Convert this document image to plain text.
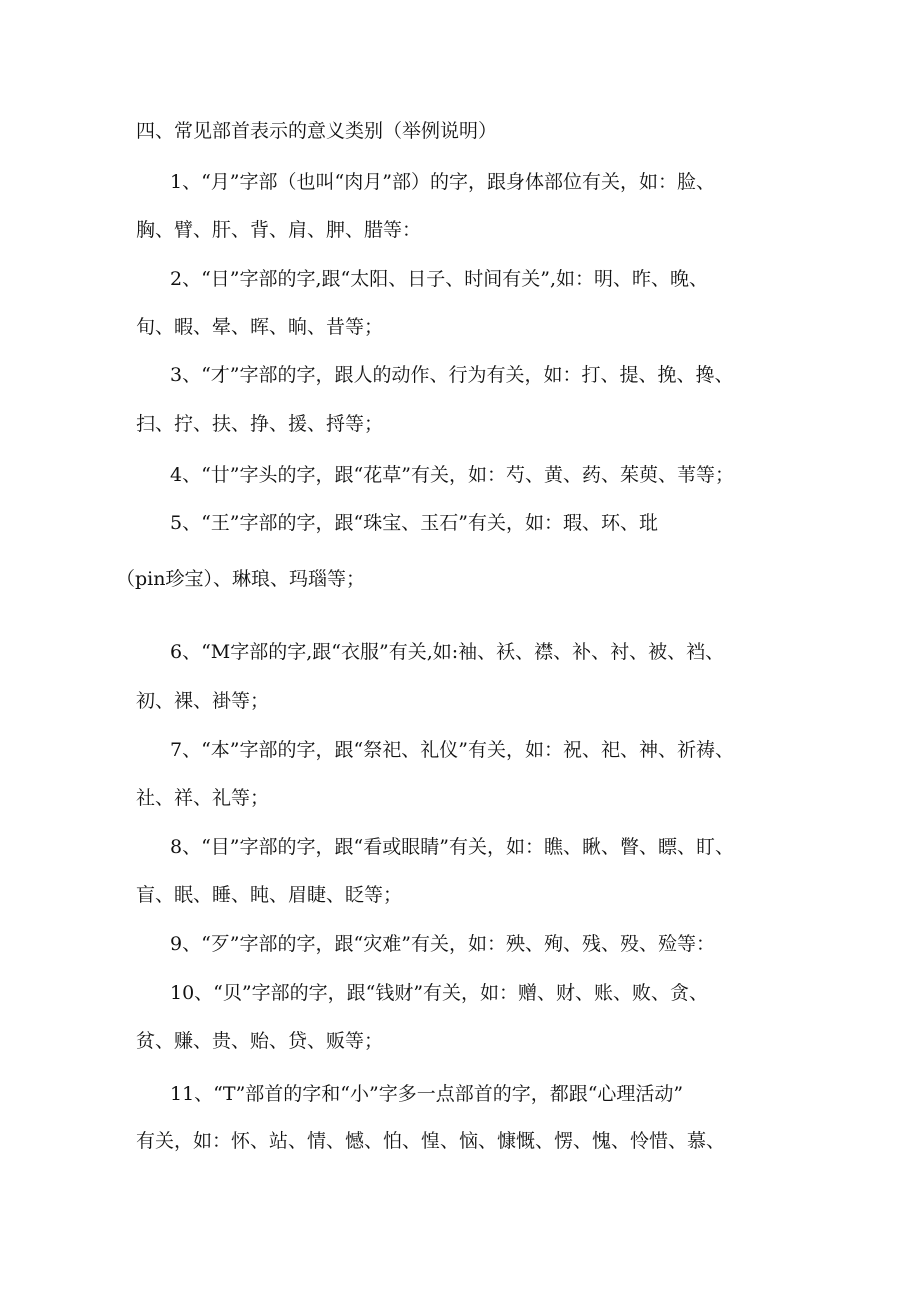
四、常见部首表示的意义类别（举例说明）
1、“月”字部（也叫“肉月”部）的字，跟身体部位有关，如：脸、
胸、臂、肝、背、肩、胛、腊等：
2、“日”字部的字,跟“太阳、日子、时间有关”,如：明、昨、晚、
旬、暇、晕、晖、晌、昔等；
3、“才”字部的字，跟人的动作、行为有关，如：打、提、挽、搀、
扫、拧、扶、挣、援、捋等；
4、“廿”字头的字，跟“花草”有关，如：芍、黄、药、茱萸、苇等；
5、“王”字部的字，跟“珠宝、玉石”有关，如：瑕、环、玭
（pin珍宝）、琳琅、玛瑙等；
6、“M字部的字,跟“衣服”有关,如:袖、袄、襟、补、衬、被、裆、
初、裸、褂等；
7、“本”字部的字，跟“祭祀、礼仪”有关，如：祝、祀、神、祈祷、
社、祥、礼等；
8、“目”字部的字，跟“看或眼睛”有关，如：瞧、瞅、瞥、瞟、盯、
盲、眠、睡、盹、眉睫、眨等；
9、“歹”字部的字，跟“灾难”有关，如：殃、殉、残、殁、殓等：
10、“贝”字部的字，跟“钱财”有关，如：赠、财、账、败、贪、
贫、赚、贵、贻、贷、贩等；
11、“T”部首的字和“小”字多一点部首的字，都跟“心理活动”
有关，如：怀、站、情、憾、怕、惶、恼、慷慨、愣、愧、怜惜、慕、
